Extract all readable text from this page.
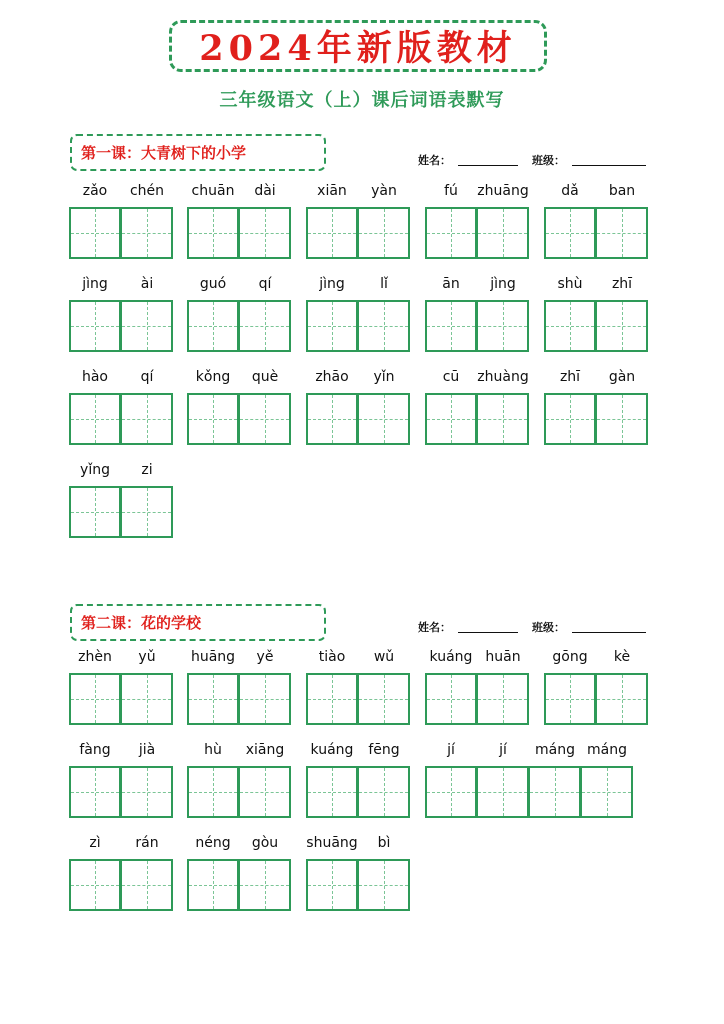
2024年新版教材
三年级语文（上）课后词语表默写
第一课：大青树下的小学	姓名：	班级：
zǎo	chén	chuān	dài	xiān	yàn	fú	zhuāng	dǎ	ban
jìng	ài	guó	qí	jìng	lǐ	ān	jìng	shù	zhī
hào	qí	kǒng	què	zhāo	yǐn	cū	zhuàng	zhī	gàn
yǐng	zi
第二课：花的学校	姓名：	班级：
zhèn	yǔ	huāng	yě	tiào	wǔ	kuáng huān	gōng	kè
fàng	jià	hù	xiāng	kuáng	fēng	jí	jí	máng máng
zì	rán	néng	gòu	shuāng	bì
